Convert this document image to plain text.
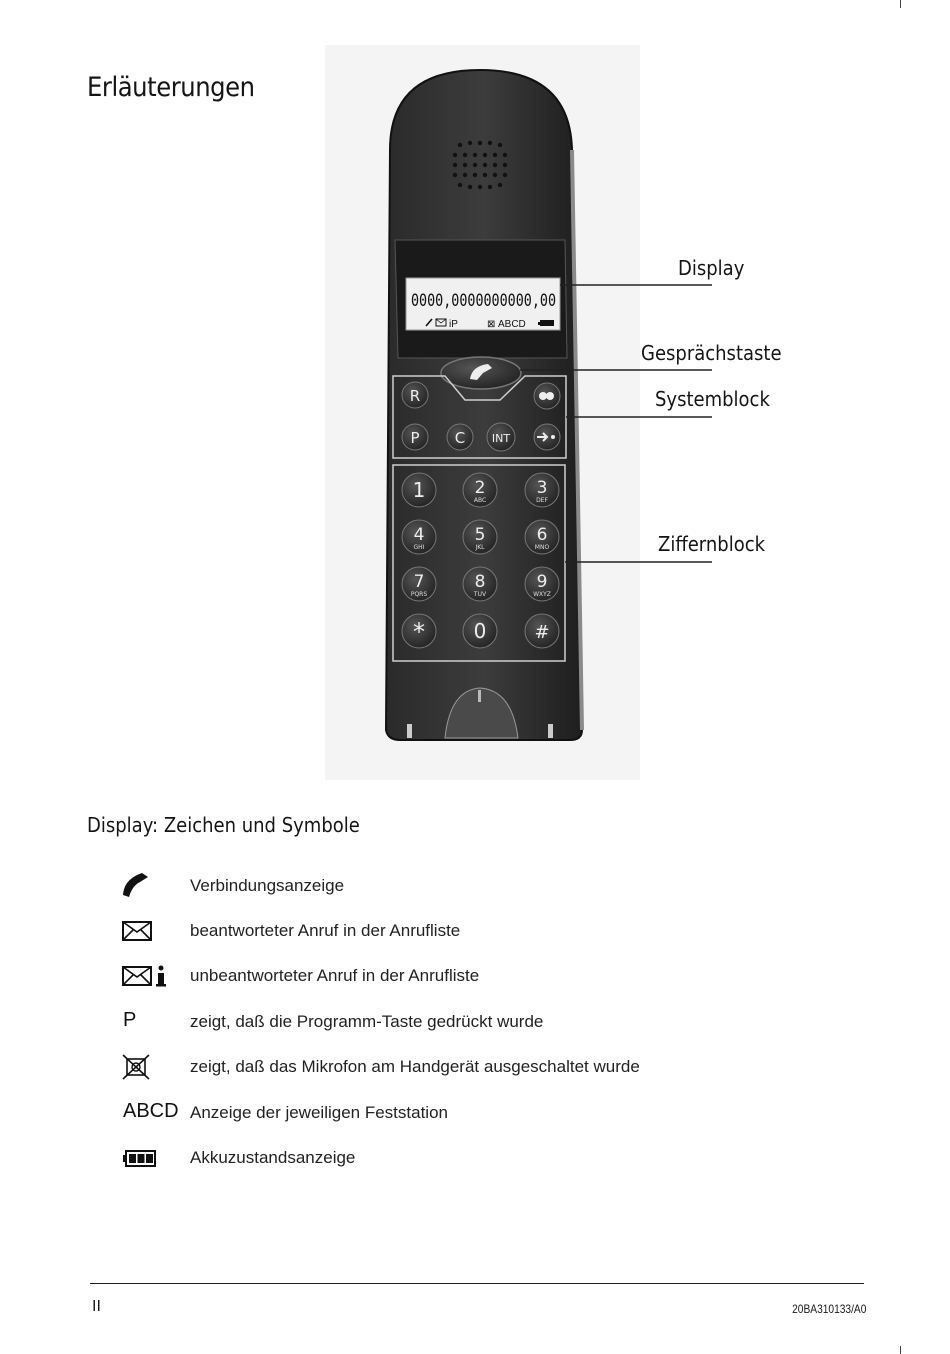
Erläuterungen
0000,0000000000,00
iP	⊠ ABCD
R
P C INT
1	2
ABC
3
DEF
4
GHI
5
JKL
6
MNO
7
PQRS
8
TUV
9
WXYZ
* 0	#
Display
Gesprächstaste
Systemblock
Ziffernblock
Display: Zeichen und Symbole
Verbindungsanzeige
beantworteter Anruf in der Anrufliste
unbeantworteter Anruf in der Anrufliste
P	zeigt, daß die Programm-Taste gedrückt wurde
zeigt, daß das Mikrofon am Handgerät ausgeschaltet wurde
ABCD Anzeige der jeweiligen Feststation
Akkuzustandsanzeige
II	20BA310133/A0
